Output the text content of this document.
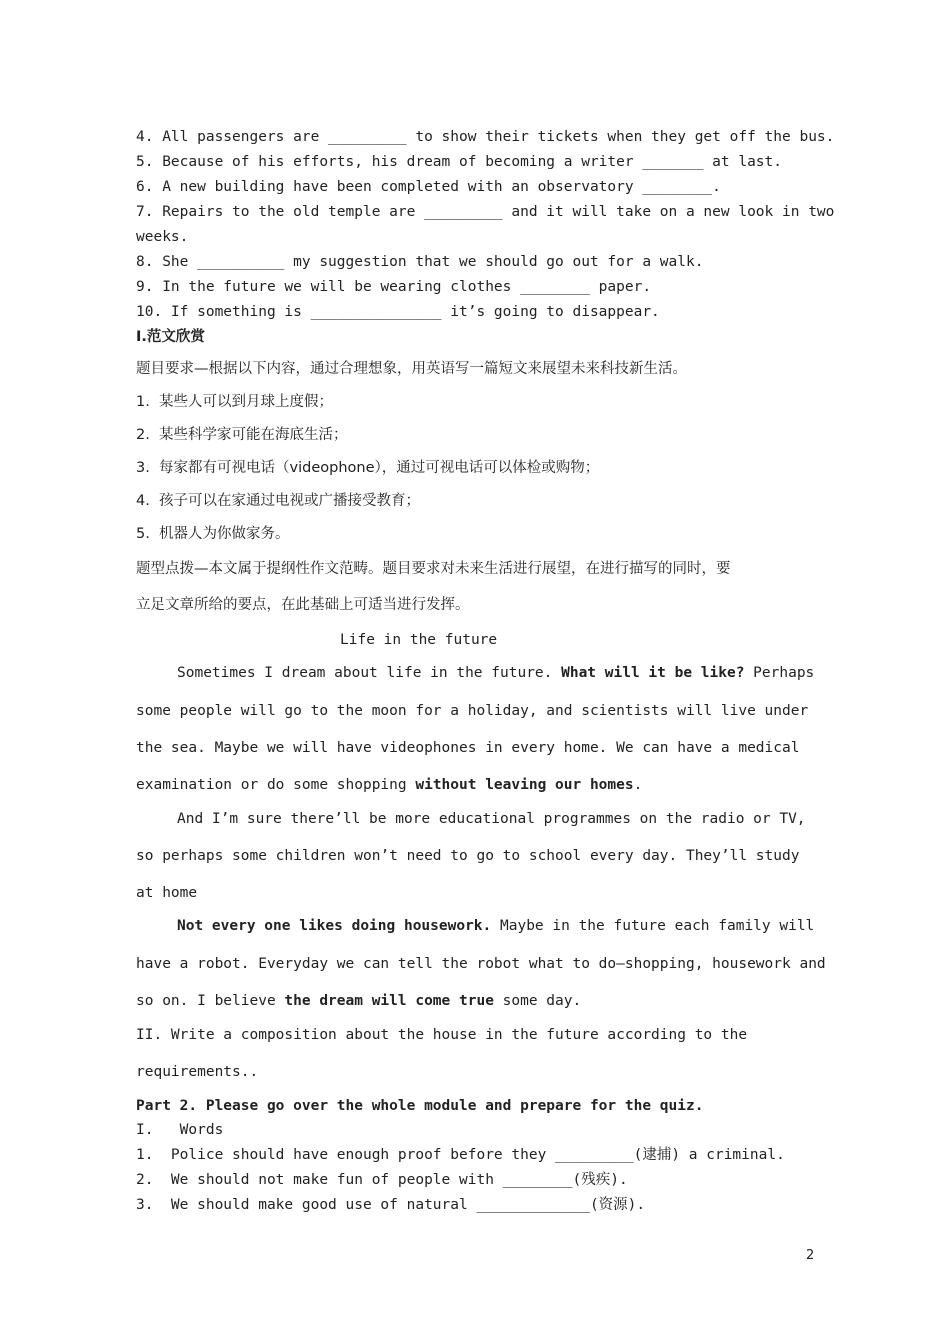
4. All passengers are _________ to show their tickets when they get off the bus.
5. Because of his efforts, his dream of becoming a writer _______ at last.
6. A new building have been completed with an observatory ________.
7. Repairs to the old temple are _________ and it will take on a new look in two
weeks.
8. She __________ my suggestion that we should go out for a walk.
9. In the future we will be wearing clothes ________ paper.
10. If something is _______________ it’s going to disappear.
I.范文欣赏
题目要求—根据以下内容，通过合理想象，用英语写一篇短文来展望未来科技新生活。
1.  某些人可以到月球上度假；
2.  某些科学家可能在海底生活；
3.  每家都有可视电话（videophone），通过可视电话可以体检或购物；
4.  孩子可以在家通过电视或广播接受教育；
5.  机器人为你做家务。
题型点拨—本文属于提纲性作文范畴。题目要求对未来生活进行展望，在进行描写的同时，要
立足文章所给的要点，在此基础上可适当进行发挥。
Life in the future
Sometimes I dream about life in the future. What will it be like? Perhaps
some people will go to the moon for a holiday, and scientists will live under
the sea. Maybe we will have videophones in every home. We can have a medical
examination or do some shopping without leaving our homes.
And I’m sure there’ll be more educational programmes on the radio or TV,
so perhaps some children won’t need to go to school every day. They’ll study
at home
Not every one likes doing housework. Maybe in the future each family will
have a robot. Everyday we can tell the robot what to do—shopping, housework and
so on. I believe the dream will come true some day.
II. Write a composition about the house in the future according to the
requirements..
Part 2. Please go over the whole module and prepare for the quiz.
I.   Words
1.  Police should have enough proof before they _________(逮捕) a criminal.
2.  We should not make fun of people with ________(残疾).
3.  We should make good use of natural _____________(资源).
2
